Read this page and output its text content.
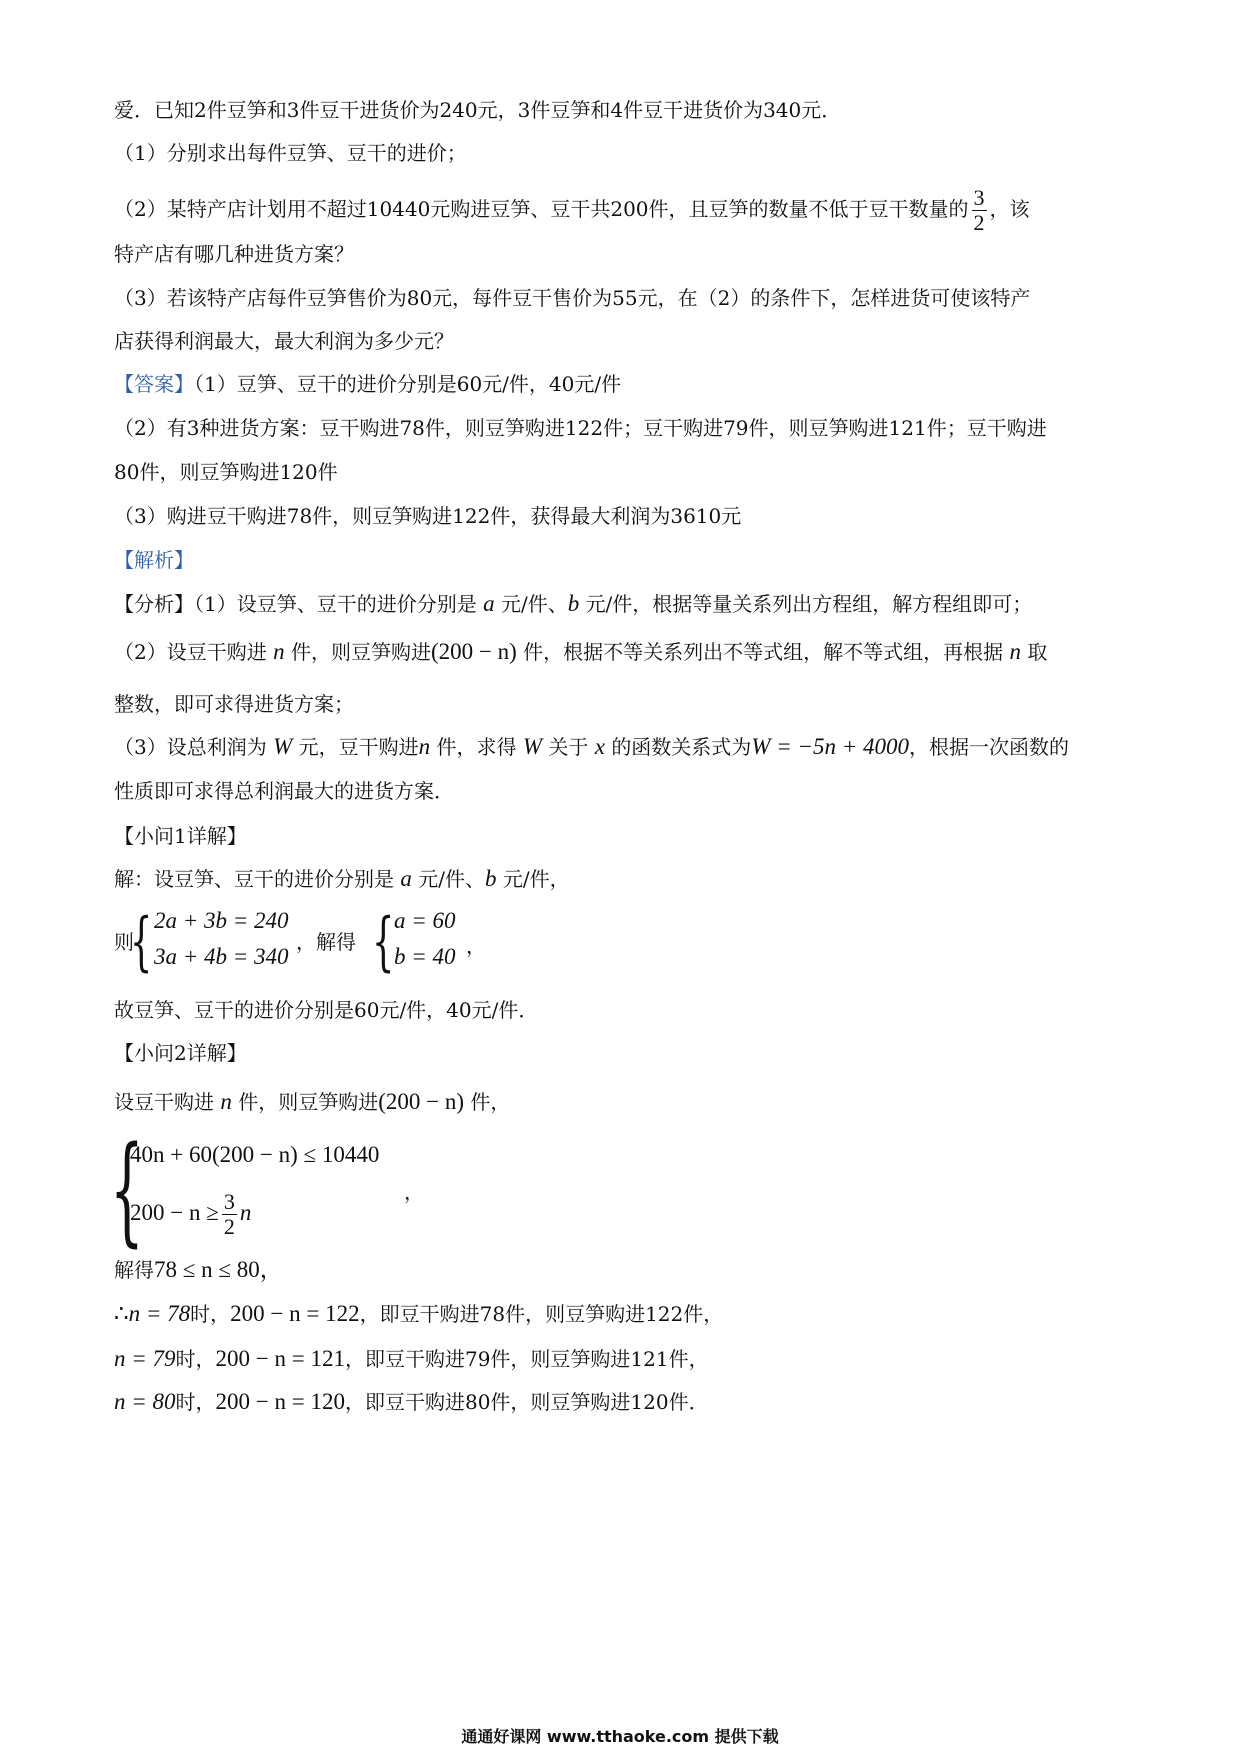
爱．已知2件豆笋和3件豆干进货价为240元，3件豆笋和4件豆干进货价为340元．
（1）分别求出每件豆笋、豆干的进价；
（2）某特产店计划用不超过10440元购进豆笋、豆干共200件，且豆笋的数量不低于豆干数量的 $\frac{3}{2}$ ，该
特产店有哪几种进货方案？
（3）若该特产店每件豆笋售价为80元，每件豆干售价为55元，在（2）的条件下，怎样进货可使该特产
店获得利润最大，最大利润为多少元？
【答案】（1）豆笋、豆干的进价分别是60元/件，40元/件
（2）有3种进货方案：豆干购进78件，则豆笋购进122件；豆干购进79件，则豆笋购进121件；豆干购进
80件，则豆笋购进120件
（3）购进豆干购进78件，则豆笋购进122件，获得最大利润为3610元
【解析】
【分析】（1）设豆笋、豆干的进价分别是 a 元/件、b 元/件，根据等量关系列出方程组，解方程组即可；
（2）设豆干购进 n 件，则豆笋购进(200 − n) 件，根据不等关系列出不等式组，解不等式组，再根据 n 取
整数，即可求得进货方案；
（3）设总利润为 W 元，豆干购进n 件，求得 W 关于 x 的函数关系式为W = −5n + 4000，根据一次函数的
性质即可求得总利润最大的进货方案．
【小问1详解】
解：设豆笋、豆干的进价分别是 a 元/件、b 元/件，
则
{ 2a + 3b = 240
3a + 4b = 340
，解得 { a = 60
b = 40 ，
故豆笋、豆干的进价分别是60元/件，40元/件．
【小问2详解】
设豆干购进 n 件，则豆笋购进(200 − n) 件，
{
40n + 60(200 − n) ≤ 10440
$200 - n \ge \frac{3}{2}$ n
，
解得78 ≤ n ≤ 80，
∴n = 78时，200 − n = 122，即豆干购进78件，则豆笋购进122件，
n = 79时，200 − n = 121，即豆干购进79件，则豆笋购进121件，
n = 80时，200 − n = 120，即豆干购进80件，则豆笋购进120件．
通通好课网 www.tthaoke.com 提供下载
